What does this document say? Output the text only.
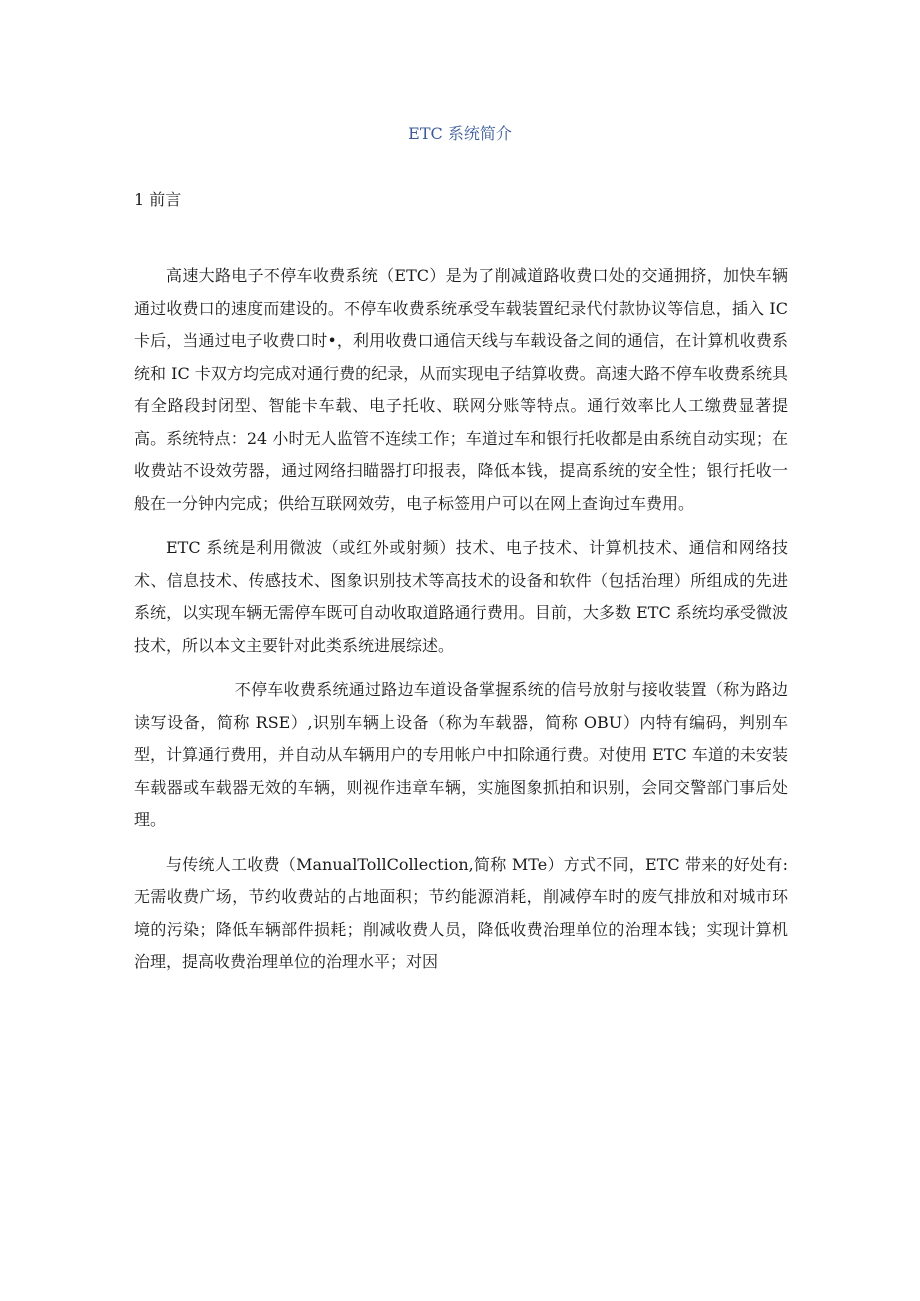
ETC 系统简介
1 前言

高速大路电子不停车收费系统（ETC）是为了削减道路收费口处的交通拥挤，加快车辆通过收费口的速度而建设的。不停车收费系统承受车载装置纪录代付款协议等信息，插入 IC 卡后，当通过电子收费口时•，利用收费口通信天线与车载设备之间的通信，在计算机收费系统和 IC 卡双方均完成对通行费的纪录，从而实现电子结算收费。高速大路不停车收费系统具有全路段封闭型、智能卡车载、电子托收、联网分账等特点。通行效率比人工缴费显著提高。系统特点：24 小时无人监管不连续工作；车道过车和银行托收都是由系统自动实现；在收费站不设效劳器，通过网络扫瞄器打印报表，降低本钱，提高系统的安全性；银行托收一般在一分钟内完成；供给互联网效劳，电子标签用户可以在网上查询过车费用。

ETC 系统是利用微波（或红外或射频）技术、电子技术、计算机技术、通信和网络技术、信息技术、传感技术、图象识别技术等高技术的设备和软件（包括治理）所组成的先进系统，以实现车辆无需停车既可自动收取道路通行费用。目前，大多数 ETC 系统均承受微波技术，所以本文主要针对此类系统进展综述。

不停车收费系统通过路边车道设备掌握系统的信号放射与接收装置（称为路边读写设备，简称 RSE）,识别车辆上设备（称为车载器，简称 OBU）内特有编码，判别车型，计算通行费用，并自动从车辆用户的专用帐户中扣除通行费。对使用 ETC 车道的未安装车载器或车载器无效的车辆，则视作违章车辆，实施图象抓拍和识别，会同交警部门事后处理。

与传统人工收费（ManualTollCollection,简称 MTe）方式不同，ETC 带来的好处有:无需收费广场，节约收费站的占地面积；节约能源消耗，削减停车时的废气排放和对城市环境的污染；降低车辆部件损耗；削减收费人员，降低收费治理单位的治理本钱；实现计算机治理，提高收费治理单位的治理水平；对因
